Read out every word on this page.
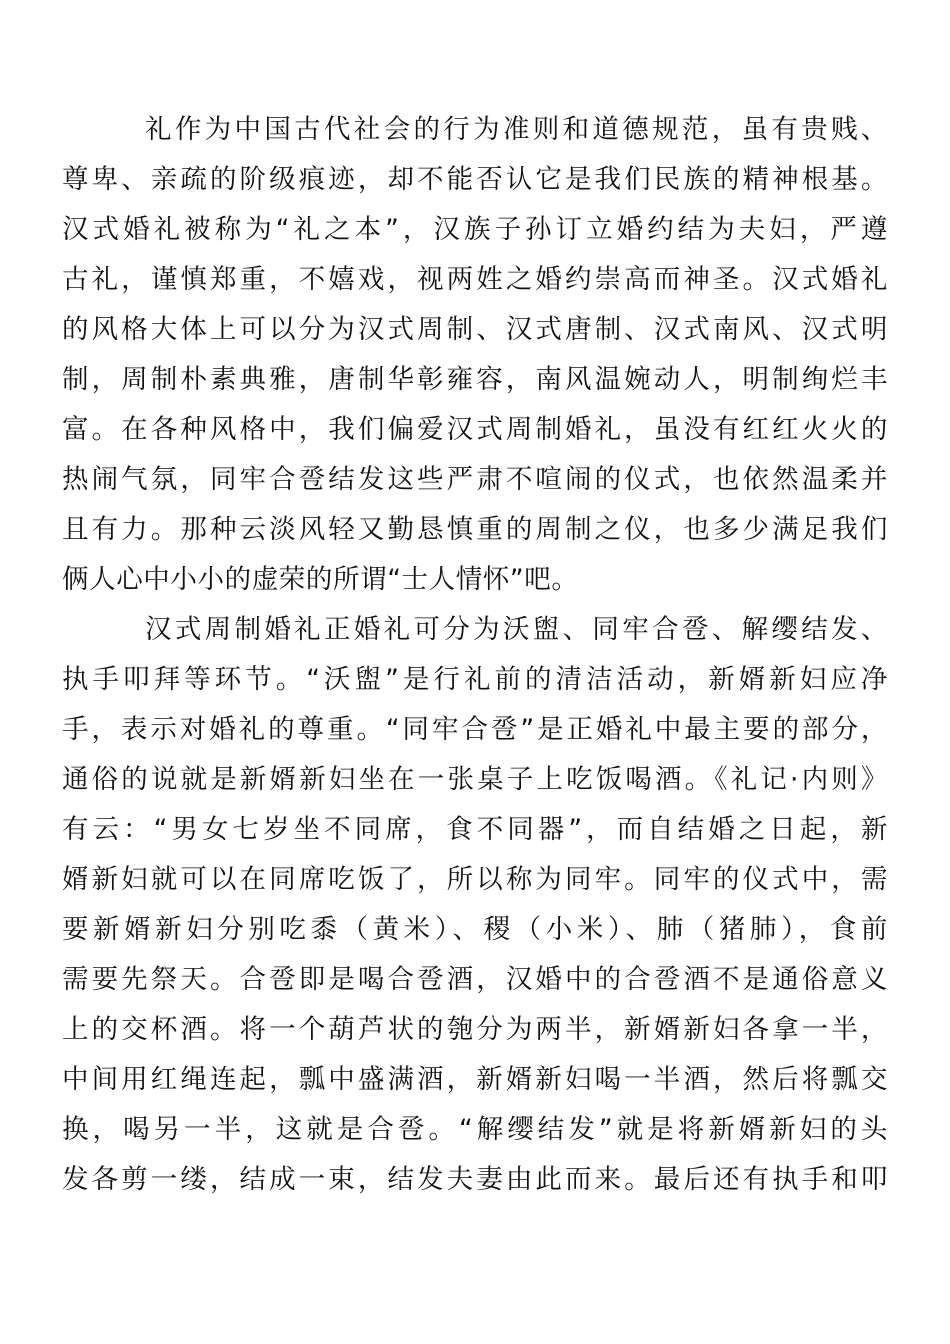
礼作为中国古代社会的行为准则和道德规范，虽有贵贱、
尊卑、亲疏的阶级痕迹，却不能否认它是我们民族的精神根基。
汉式婚礼被称为“礼之本”，汉族子孙订立婚约结为夫妇，严遵
古礼，谨慎郑重，不嬉戏，视两姓之婚约崇高而神圣。汉式婚礼
的风格大体上可以分为汉式周制、汉式唐制、汉式南风、汉式明
制，周制朴素典雅，唐制华彰雍容，南风温婉动人，明制绚烂丰
富。在各种风格中，我们偏爱汉式周制婚礼，虽没有红红火火的
热闹气氛，同牢合卺结发这些严肃不喧闹的仪式，也依然温柔并
且有力。那种云淡风轻又勤恳慎重的周制之仪，也多少满足我们
俩人心中小小的虚荣的所谓“士人情怀”吧。
汉式周制婚礼正婚礼可分为沃盥、同牢合卺、解缨结发、
执手叩拜等环节。“沃盥”是行礼前的清洁活动，新婿新妇应净
手，表示对婚礼的尊重。“同牢合卺”是正婚礼中最主要的部分，
通俗的说就是新婿新妇坐在一张桌子上吃饭喝酒。《礼记·内则》
有云：“男女七岁坐不同席，食不同器”，而自结婚之日起，新
婿新妇就可以在同席吃饭了，所以称为同牢。同牢的仪式中，需
要新婿新妇分别吃黍（黄米）、稷（小米）、肺（猪肺），食前
需要先祭天。合卺即是喝合卺酒，汉婚中的合卺酒不是通俗意义
上的交杯酒。将一个葫芦状的匏分为两半，新婿新妇各拿一半，
中间用红绳连起，瓢中盛满酒，新婿新妇喝一半酒，然后将瓢交
换，喝另一半，这就是合卺。“解缨结发”就是将新婿新妇的头
发各剪一缕，结成一束，结发夫妻由此而来。最后还有执手和叩
